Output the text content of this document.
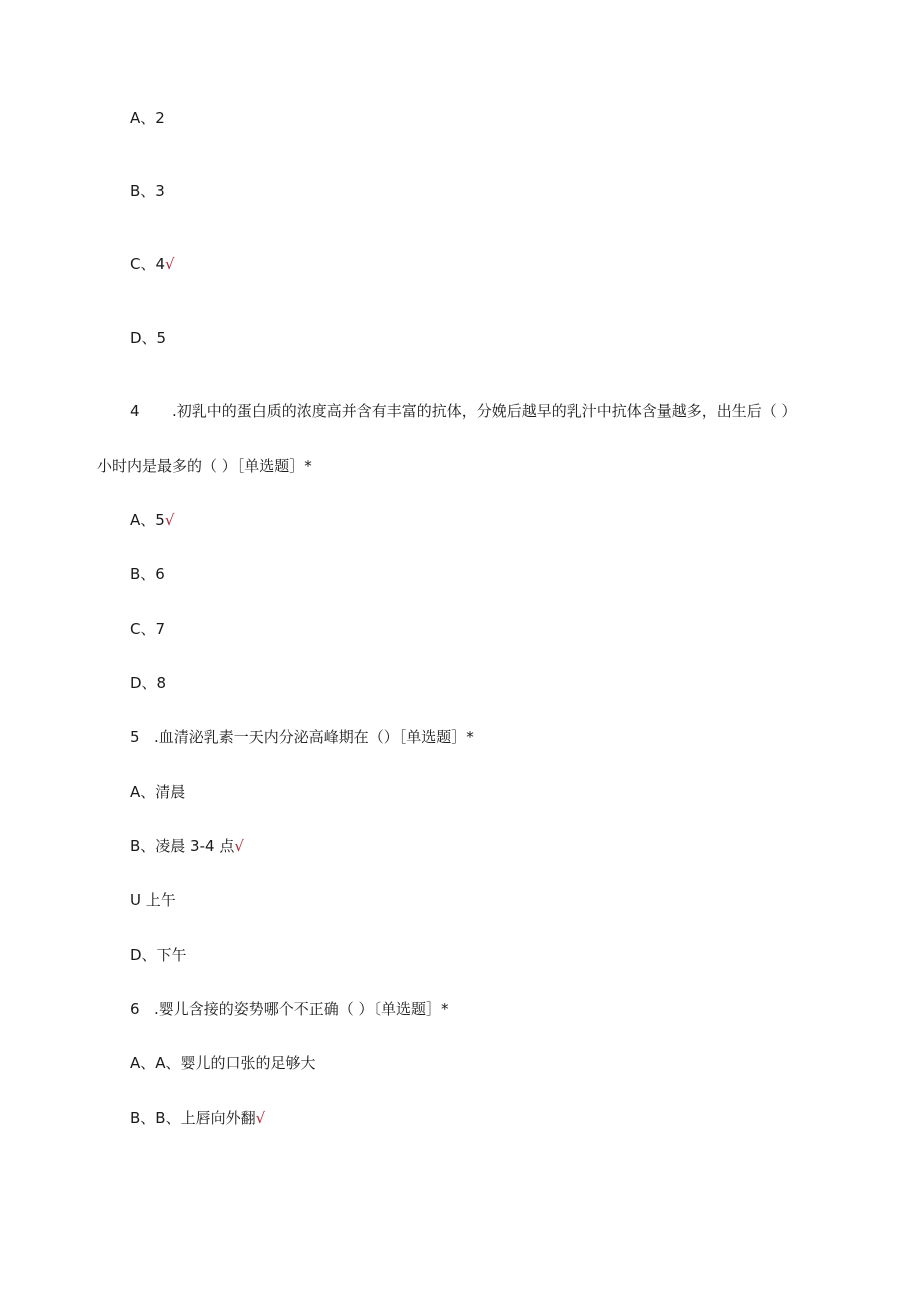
A、2
B、3
C、4√
D、5
4 .初乳中的蛋白质的浓度高并含有丰富的抗体，分娩后越早的乳汁中抗体含量越多，出生后（ ）
小时内是最多的（ ）［单选题］*
A、5√
B、6
C、7
D、8
5 .血清泌乳素一天内分泌高峰期在（）［单选题］*
A、清晨
B、凌晨 3-4 点√
U 上午
D、下午
6 .婴儿含接的姿势哪个不正确（ ）〔单选题］*
A、A、婴儿的口张的足够大
B、B、上唇向外翻√
